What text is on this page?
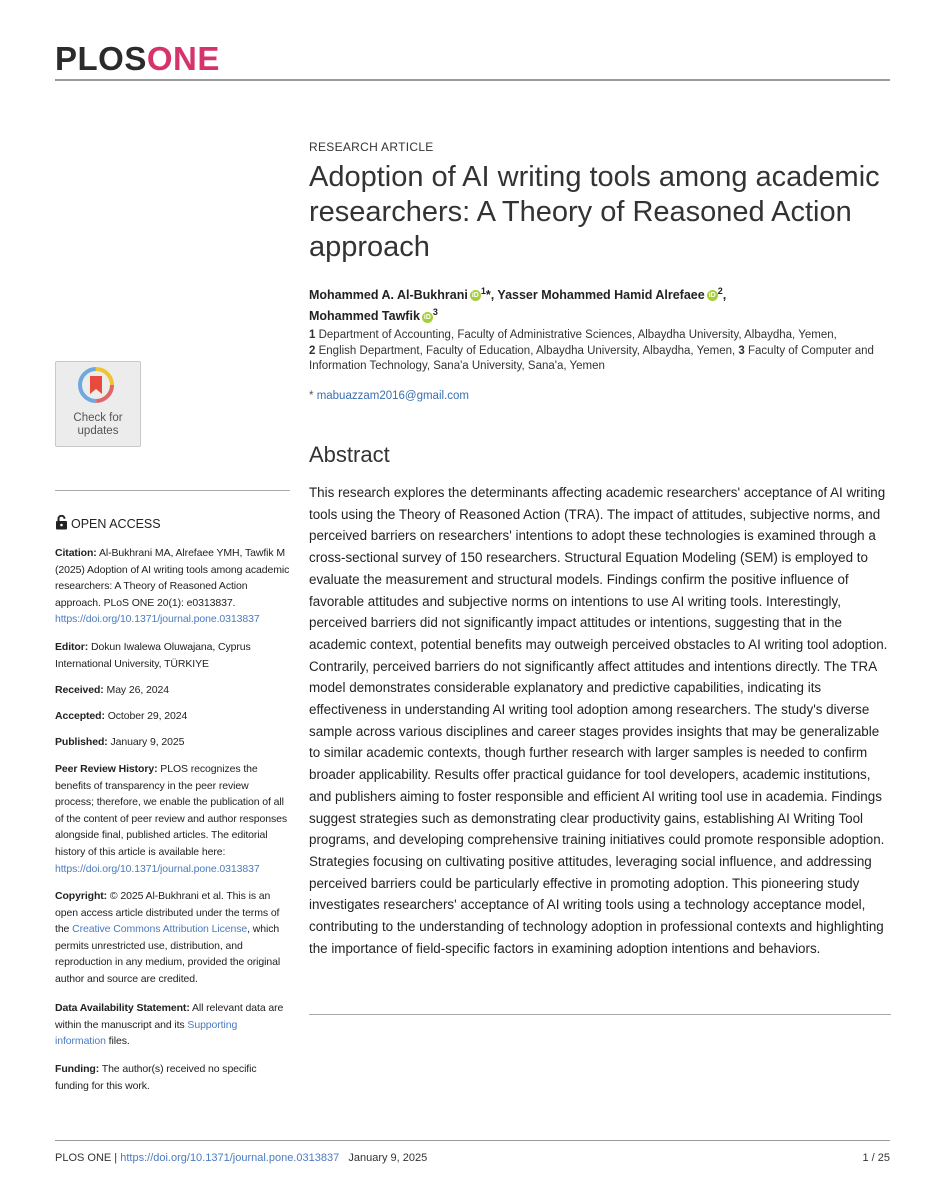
PLOSONE
Check for
updates
RESEARCH ARTICLE
Adoption of AI writing tools among academic researchers: A Theory of Reasoned Action approach
Mohammed A. Al-Bukhrani iD $^1$*, Yasser Mohammed Hamid Alrefaee iD $^2$,
Mohammed Tawfik iD $^3$
1 Department of Accounting, Faculty of Administrative Sciences, Albaydha University, Albaydha, Yemen,
2 English Department, Faculty of Education, Albaydha University, Albaydha, Yemen, 3 Faculty of Computer and Information Technology, Sana'a University, Sana'a, Yemen
* mabuazzam2016@gmail.com
OPEN ACCESS
Citation: Al-Bukhrani MA, Alrefaee YMH, Tawfik M (2025) Adoption of AI writing tools among academic researchers: A Theory of Reasoned Action approach. PLoS ONE 20(1): e0313837. https://doi.org/10.1371/journal.pone.0313837
Editor: Dokun Iwalewa Oluwajana, Cyprus International University, TÜRKIYE
Received: May 26, 2024
Accepted: October 29, 2024
Published: January 9, 2025
Peer Review History: PLOS recognizes the benefits of transparency in the peer review process; therefore, we enable the publication of all of the content of peer review and author responses alongside final, published articles. The editorial history of this article is available here: https://doi.org/10.1371/journal.pone.0313837
Copyright: © 2025 Al-Bukhrani et al. This is an open access article distributed under the terms of the Creative Commons Attribution License, which permits unrestricted use, distribution, and reproduction in any medium, provided the original author and source are credited.
Data Availability Statement: All relevant data are within the manuscript and its Supporting information files.
Funding: The author(s) received no specific funding for this work.
Abstract
This research explores the determinants affecting academic researchers' acceptance of AI writing tools using the Theory of Reasoned Action (TRA). The impact of attitudes, subjective norms, and perceived barriers on researchers' intentions to adopt these technologies is examined through a cross-sectional survey of 150 researchers. Structural Equation Modeling (SEM) is employed to evaluate the measurement and structural models. Findings confirm the positive influence of favorable attitudes and subjective norms on intentions to use AI writing tools. Interestingly, perceived barriers did not significantly impact attitudes or intentions, suggesting that in the academic context, potential benefits may outweigh perceived obstacles to AI writing tool adoption. Contrarily, perceived barriers do not significantly affect attitudes and intentions directly. The TRA model demonstrates considerable explanatory and predictive capabilities, indicating its effectiveness in understanding AI writing tool adoption among researchers. The study's diverse sample across various disciplines and career stages provides insights that may be generalizable to similar academic contexts, though further research with larger samples is needed to confirm broader applicability. Results offer practical guidance for tool developers, academic institutions, and publishers aiming to foster responsible and efficient AI writing tool use in academia. Findings suggest strategies such as demonstrating clear productivity gains, establishing AI Writing Tool programs, and developing comprehensive training initiatives could promote responsible adoption. Strategies focusing on cultivating positive attitudes, leveraging social influence, and addressing perceived barriers could be particularly effective in promoting adoption. This pioneering study investigates researchers' acceptance of AI writing tools using a technology acceptance model, contributing to the understanding of technology adoption in professional contexts and highlighting the importance of field-specific factors in examining adoption intentions and behaviors.
PLOS ONE | https://doi.org/10.1371/journal.pone.0313837 January 9, 2025	1 / 25
